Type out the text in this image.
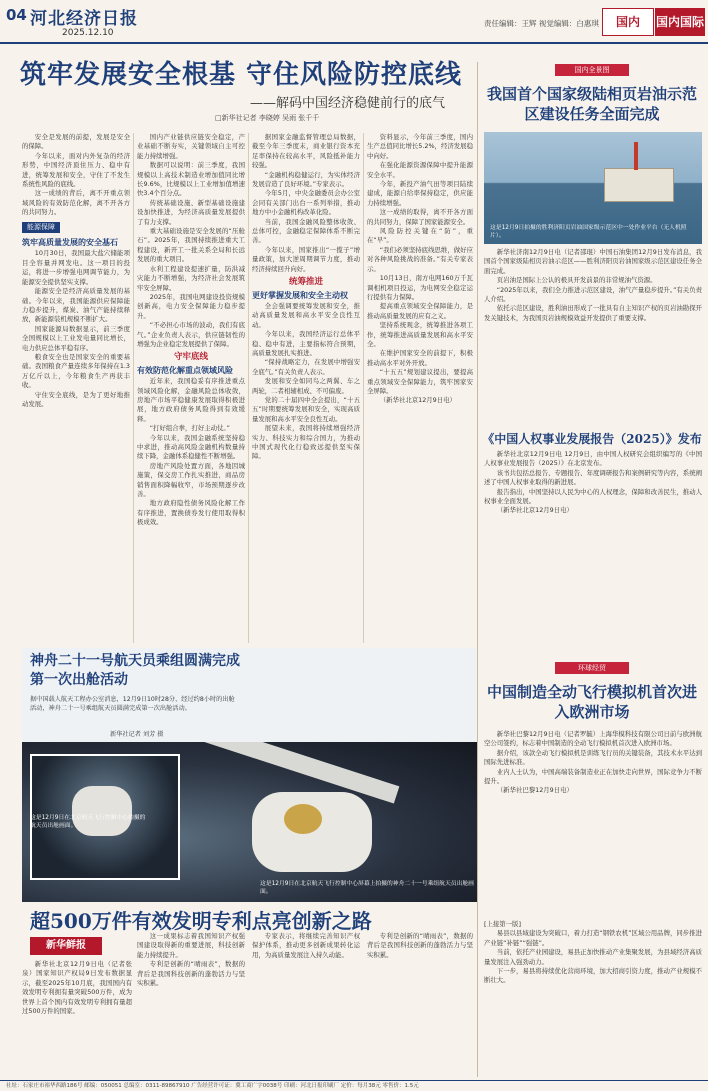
04 河北经济日报
2025.12.10
责任编辑：王辉 视觉编辑：白惠琪	国内	国内国际
筑牢发展安全根基 守住风险防控底线
——解码中国经济稳健前行的底气
□新华社记者 李晓婷 吴雨 张千千

安全是发展的前提，发展是安全的保障。

今年以来，面对内外复杂的经济形势，中国经济顶住压力、稳中有进，统筹发展和安全，守住了不发生系统性风险的底线。

这一成绩的背后，离不开重点领域风险的有效防范化解，离不开各方的共同努力。

能源保障

筑牢高质量发展的安全基石

10月30日，我国最大盐穴储能项目全容量并网发电。这一项目的投运，将进一步增强电网调节能力，为能源安全提供坚实支撑。

能源安全是经济高质量发展的基础。今年以来，我国能源供应保障能力稳步提升，煤炭、油气产能持续释放，新能源装机规模不断扩大。

国家能源局数据显示，前三季度全国规模以上工业发电量同比增长，电力供应总体平稳有序。

粮食安全也是国家安全的重要基础。我国粮食产量连续多年保持在1.3万亿斤以上，今年粮食生产再获丰收。

守住安全底线，是为了更好地推动发展。

国内产业链供应链安全稳定，产业基础不断夯实，关键领域自主可控能力持续增强。

数据可以说明：前三季度，我国规模以上高技术制造业增加值同比增长9.6%，比规模以上工业增加值增速快3.4个百分点。

传统基础设施、新型基础设施建设加快推进，为经济高质量发展提供了有力支撑。

重大基础设施是安全发展的“压舱石”。2025年，我国持续推进重大工程建设，新开工一批关系全局和长远发展的重大项目。

水利工程建设提速扩量，防洪减灾能力不断增强，为经济社会发展筑牢安全屏障。

2025年，我国电网建设投资规模创新高，电力安全保障能力稳步提升。

“不必担心市场的波动，我们有底气。”企业负责人表示，供应链韧性的增强为企业稳定发展提供了保障。

守牢底线

有效防范化解重点领域风险

近年来，我国稳妥有序推进重点领域风险化解，金融风险总体收敛，房地产市场平稳健康发展取得积极进展，地方政府债务风险得到有效缓释。

“打好组合拳，打好主动仗。”

今年以来，我国金融系统坚持稳中求进，推动高风险金融机构数量持续下降，金融体系稳健性不断增强。

房地产风险处置方面，各地因城施策，保交房工作扎实推进，商品房销售面积降幅收窄，市场预期逐步改善。

地方政府隐性债务风险化解工作有序推进，置换债券发行使用取得积极成效。

据国家金融监督管理总局数据，截至今年三季度末，商业银行资本充足率保持在较高水平，风险抵补能力较强。

“金融机构稳健运行，为实体经济发展营造了良好环境。”专家表示。

今年5月，中央金融委员会办公室会同有关部门出台一系列举措，推动地方中小金融机构改革化险。

当前，我国金融风险整体收敛、总体可控，金融稳定保障体系不断完善。

今年以来，国家推出“一揽子”增量政策，加大逆周期调节力度，推动经济持续回升向好。

统筹推进

更好掌握发展和安全主动权

全会强调要统筹发展和安全，推动高质量发展和高水平安全良性互动。

今年以来，我国经济运行总体平稳、稳中有进，主要指标符合预期，高质量发展扎实推进。

“保持战略定力，在发展中增强安全底气。”有关负责人表示。

发展和安全如同鸟之两翼、车之两轮，二者相辅相成、不可偏废。

党的二十届四中全会提出，“十五五”时期要统筹发展和安全，实现高质量发展和高水平安全良性互动。

展望未来，我国将持续增强经济实力、科技实力和综合国力，为推动中国式现代化行稳致远提供坚实保障。

资料显示，今年前三季度，国内生产总值同比增长5.2%，经济发展稳中向好。

在强化能源资源保障中提升能源安全水平。

今年，新投产油气田等项目陆续建成，能源自给率保持稳定，供应能力持续增强。

这一成绩的取得，离不开各方面的共同努力，保障了国家能源安全。

风险防控关键在“防”，重在“早”。

“我们必须坚持底线思维，做好应对各种风险挑战的准备。”有关专家表示。

10月13日，南方电网160万千瓦调相机项目投运，为电网安全稳定运行提供有力保障。

提高重点领域安全保障能力，是推动高质量发展的应有之义。

坚持系统观念，统筹推进各项工作，统筹推进高质量发展和高水平安全。

在维护国家安全的前提下，积极推动高水平对外开放。

“十五五”规划建议提出，要提高重点领域安全保障能力，筑牢国家安全屏障。

（新华社北京12月9日电）

国内全景图
我国首个国家级陆相页岩油示范区建设任务全面完成
这是12月9日拍摄的胜利济阳页岩油国家级示范区中一处作业平台（无人机照片）。

新华社济南12月9日电（记者邵琨）中国石油集团12月9日发布消息，我国首个国家级陆相页岩油示范区——胜利济阳页岩油国家级示范区建设任务全面完成。

页岩油是国际上公认的极具开发前景的非常规油气资源。

“2025年以来，我们全力推进示范区建设，油气产量稳步提升。”有关负责人介绍。

依托示范区建设，胜利油田形成了一批具有自主知识产权的页岩油勘探开发关键技术，为我国页岩油规模效益开发提供了重要支撑。

《中国人权事业发展报告（2025）》发布

新华社北京12月9日电 12月9日，由中国人权研究会组织编写的《中国人权事业发展报告（2025）》在北京发布。

该书共包括总报告、专题报告、年度调研报告和案例研究等内容，系统阐述了中国人权事业取得的新进展。

报告指出，中国坚持以人民为中心的人权理念，保障和改善民生，推动人权事业全面发展。

（新华社北京12月9日电）

环球经贸
中国制造全动飞行模拟机首次进入欧洲市场

新华社巴黎12月9日电（记者罗毓）上海华模科技有限公司日前与欧洲航空公司签约，标志着中国制造的全动飞行模拟机首次进入欧洲市场。

据介绍，该款全动飞行模拟机是训练飞行员的关键装备，其技术水平达到国际先进标准。

业内人士认为，中国高端装备制造业正在加快走向世界，国际竞争力不断提升。

（新华社巴黎12月9日电）

神舟二十一号航天员乘组圆满完成第一次出舱活动
据中国载人航天工程办公室消息，12月9日10时28分，经过约8小时的出舱活动，神舟二十一号乘组航天员圆满完成第一次出舱活动。
新华社记者 刘芳 摄
这是12月9日在北京航天飞行控制中心拍摄的航天员出舱画面。
这是12月9日在北京航天飞行控制中心屏幕上拍摄的神舟二十一号乘组航天员出舱画面。
超500万件有效发明专利点亮创新之路
新华鲜报

新华社北京12月9日电（记者张泉）国家知识产权局9日发布数据显示，截至2025年10月底，我国国内有效发明专利拥有量突破500万件，成为世界上首个国内有效发明专利拥有量超过500万件的国家。

这一成果标志着我国知识产权强国建设取得新的重要进展，科技创新能力持续提升。

专利是创新的“晴雨表”，数据的背后是我国科技创新的蓬勃活力与坚实积累。

专家表示，将继续完善知识产权保护体系，推动更多创新成果转化运用，为高质量发展注入持久动能。

专利是创新的“晴雨表”，数据的背后是我国科技创新的蓬勃活力与坚实积累。

[上接第一版]

易县以县域建设为突破口，着力打造“钢铁农机”区域公用品牌，同步推进产业链“补链”“强链”。

当前，依托产业园建设，易县正加快推动产业集聚发展，为县域经济高质量发展注入强劲动力。

下一步，易县将持续优化营商环境，加大招商引资力度，推动产业规模不断壮大。

社址：石家庄市裕华西路186号 邮编：050051 总编室：0311-89867910 广告经营许可证：冀工商广字0038号 印刷：河北日报印刷厂 定价：每月38元 零售价：1.5元
